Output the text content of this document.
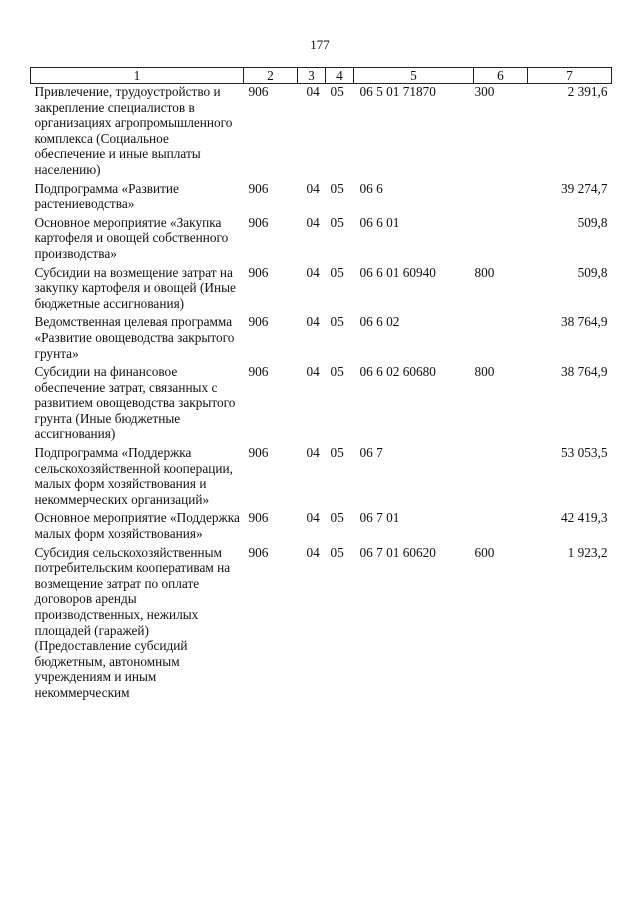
177
1	2	3	4	5	6	7
Привлечение, трудоустройство и закрепление специалистов в организациях агропромышленного комплекса (Социальное обеспечение и иные выплаты населению)	906	04	05	06 5 01 71870	300	2 391,6
Подпрограмма «Развитие растениеводства»	906	04	05	06 6		39 274,7
Основное мероприятие «Закупка картофеля и овощей собственного производства»	906	04	05	06 6 01		509,8
Субсидии на возмещение затрат на закупку картофеля и овощей (Иные бюджетные ассигнования)	906	04	05	06 6 01 60940	800	509,8
Ведомственная целевая программа «Развитие овощеводства закрытого грунта»	906	04	05	06 6 02		38 764,9
Субсидии на финансовое обеспечение затрат, связанных с развитием овощеводства закрытого грунта (Иные бюджетные ассигнования)	906	04	05	06 6 02 60680	800	38 764,9
Подпрограмма «Поддержка сельскохозяйственной кооперации, малых форм хозяйствования и некоммерческих организаций»	906	04	05	06 7		53 053,5
Основное мероприятие «Поддержка малых форм хозяйствования»	906	04	05	06 7 01		42 419,3
Субсидия сельскохозяйственным потребительским кооперативам на возмещение затрат по оплате договоров аренды производственных, нежилых площадей (гаражей) (Предоставление субсидий бюджетным, автономным учреждениям и иным некоммерческим	906	04	05	06 7 01 60620	600	1 923,2
